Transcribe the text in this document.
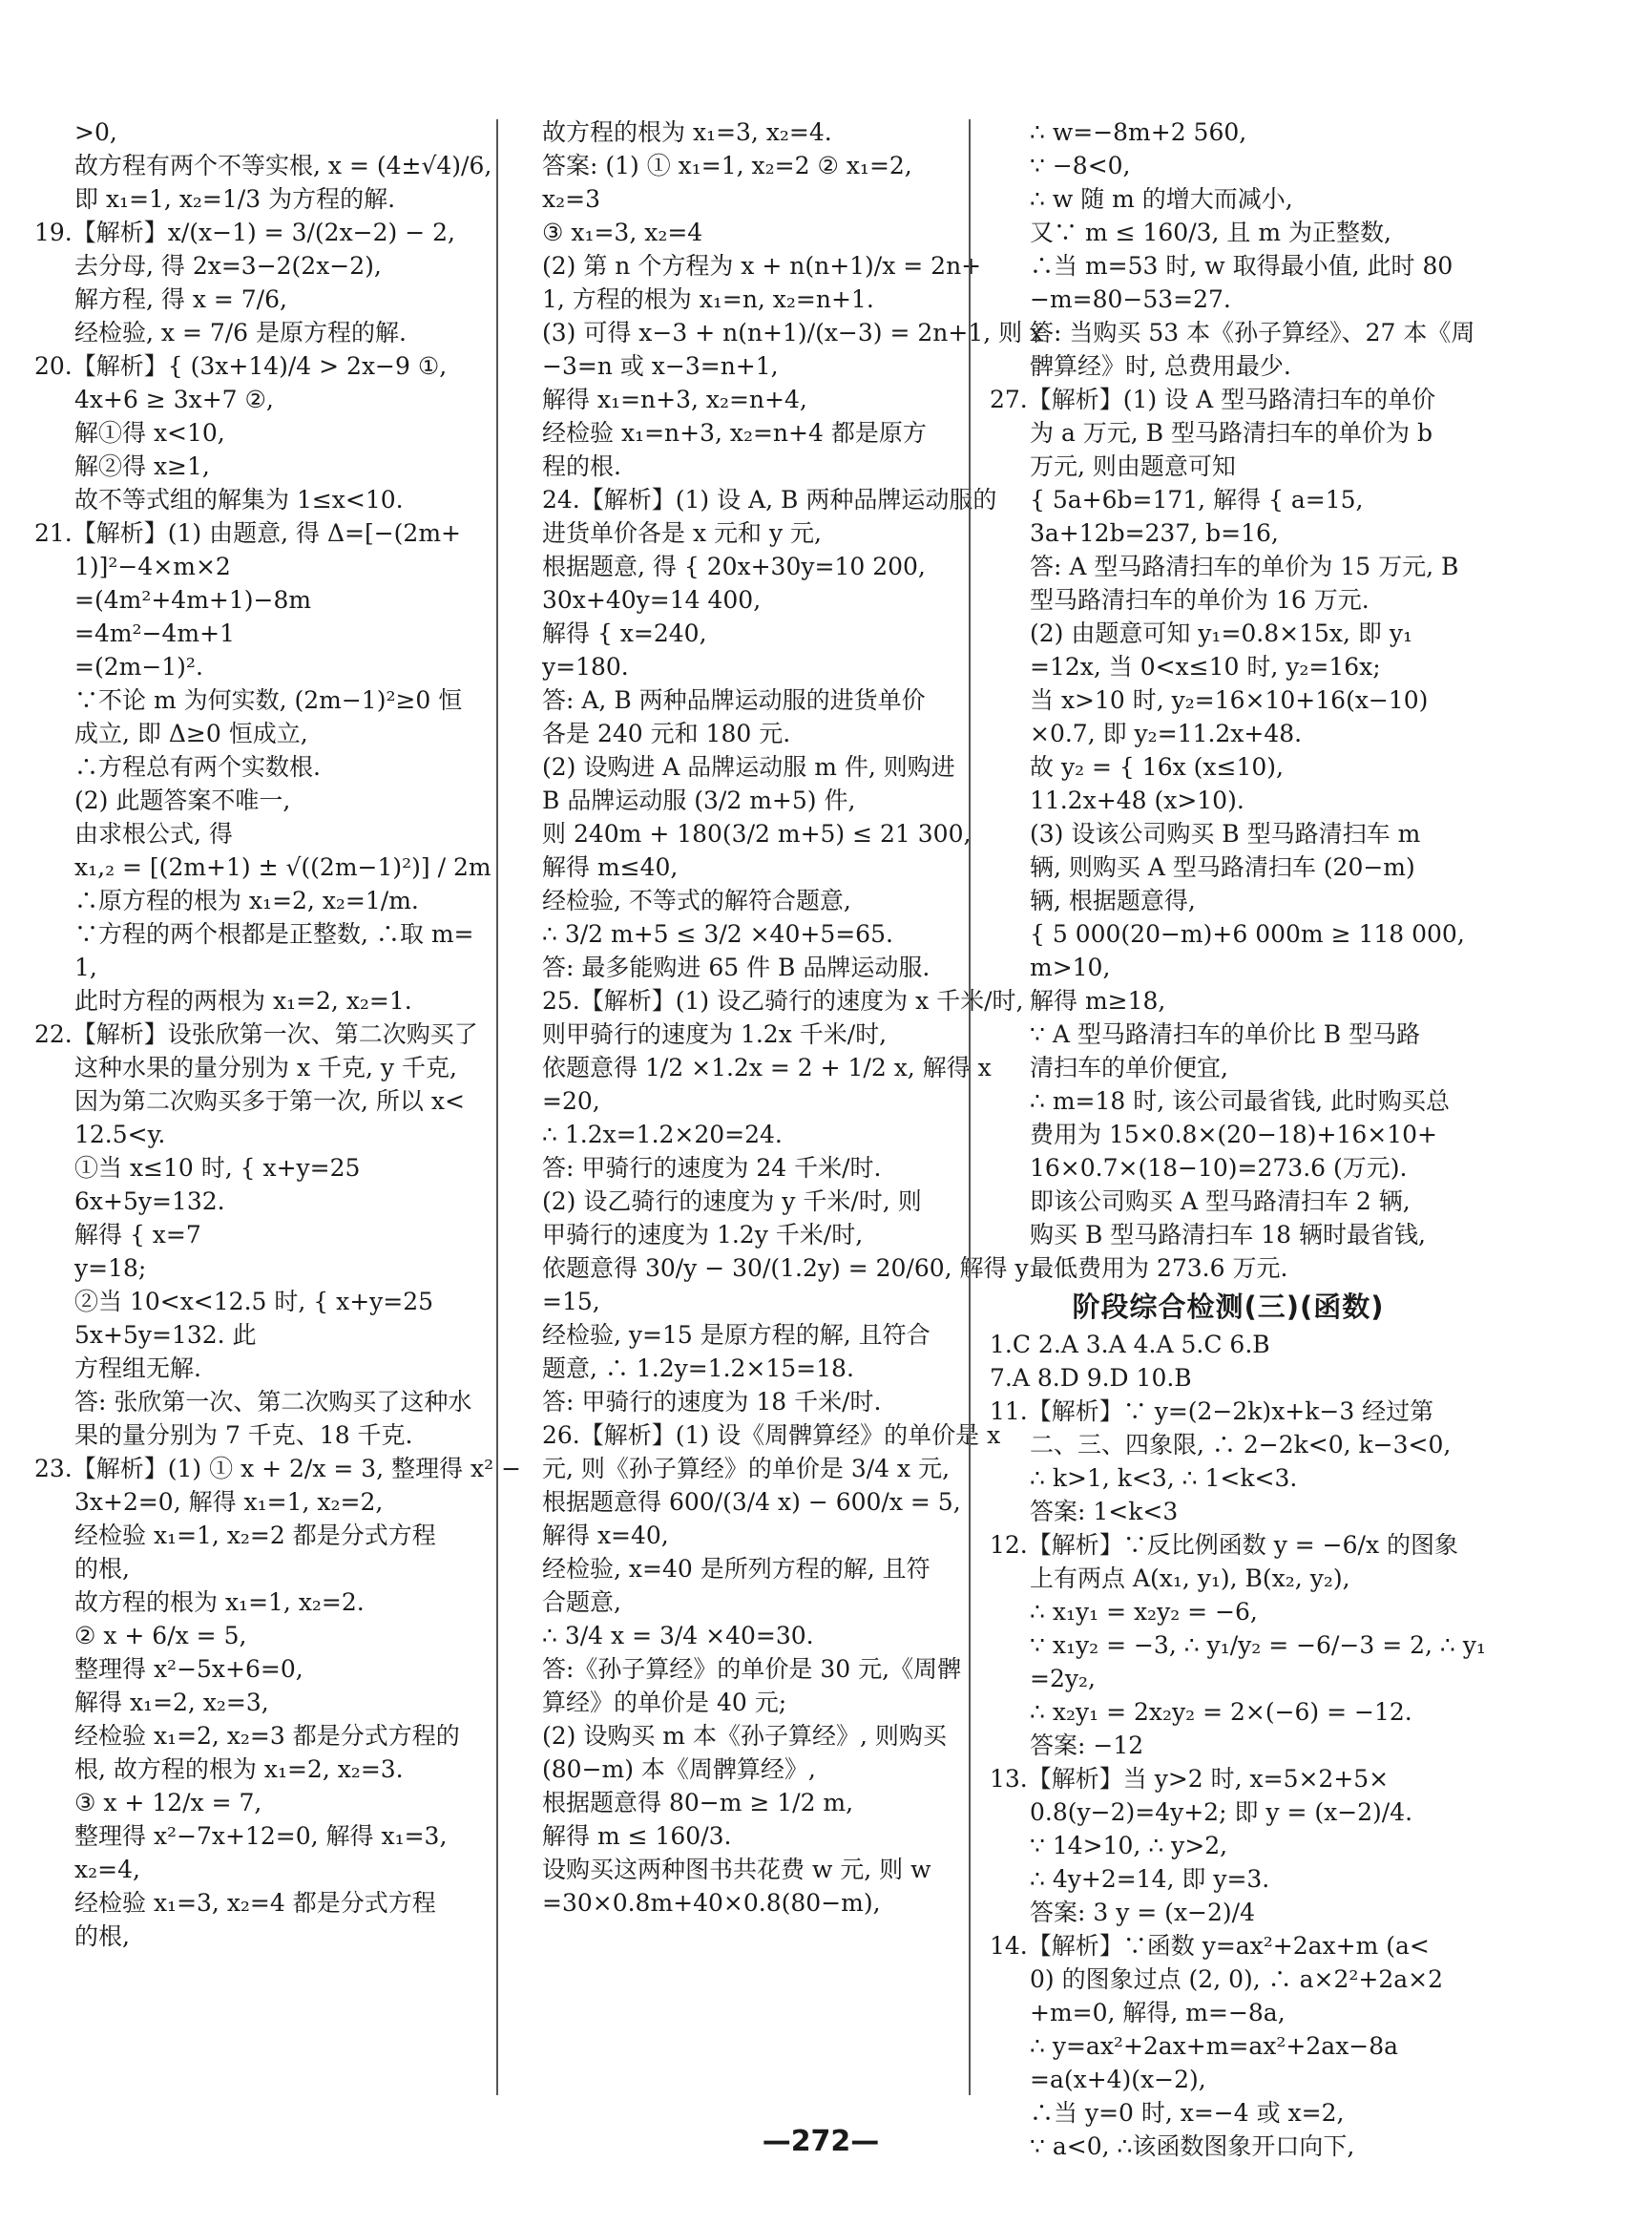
>0,
故方程有两个不等实根, x = (4±√4)/6,
即 x₁=1, x₂=1/3 为方程的解.
19.【解析】x/(x−1) = 3/(2x−2) − 2,
去分母, 得 2x=3−2(2x−2),
解方程, 得 x = 7/6,
经检验, x = 7/6 是原方程的解.
20.【解析】{ (3x+14)/4 > 2x−9 ①,
4x+6 ≥ 3x+7 ②,
解①得 x<10,
解②得 x≥1,
故不等式组的解集为 1≤x<10.
21.【解析】(1) 由题意, 得 Δ=[−(2m+
1)]²−4×m×2
=(4m²+4m+1)−8m
=4m²−4m+1
=(2m−1)².
∵不论 m 为何实数, (2m−1)²≥0 恒
成立, 即 Δ≥0 恒成立,
∴方程总有两个实数根.
(2) 此题答案不唯一,
由求根公式, 得
x₁,₂ = [(2m+1) ± √((2m−1)²)] / 2m
∴原方程的根为 x₁=2, x₂=1/m.
∵方程的两个根都是正整数, ∴取 m=
1,
此时方程的两根为 x₁=2, x₂=1.
22.【解析】设张欣第一次、第二次购买了
这种水果的量分别为 x 千克, y 千克,
因为第二次购买多于第一次, 所以 x<
12.5<y.
①当 x≤10 时, { x+y=25
6x+5y=132.
解得 { x=7
y=18;
②当 10<x<12.5 时, { x+y=25
5x+5y=132. 此
方程组无解.
答: 张欣第一次、第二次购买了这种水
果的量分别为 7 千克、18 千克.
23.【解析】(1) ① x + 2/x = 3, 整理得 x² −
3x+2=0, 解得 x₁=1, x₂=2,
经检验 x₁=1, x₂=2 都是分式方程
的根,
故方程的根为 x₁=1, x₂=2.
② x + 6/x = 5,
整理得 x²−5x+6=0,
解得 x₁=2, x₂=3,
经检验 x₁=2, x₂=3 都是分式方程的
根, 故方程的根为 x₁=2, x₂=3.
③ x + 12/x = 7,
整理得 x²−7x+12=0, 解得 x₁=3,
x₂=4,
经检验 x₁=3, x₂=4 都是分式方程
的根,
故方程的根为 x₁=3, x₂=4.
答案: (1) ① x₁=1, x₂=2 ② x₁=2,
x₂=3
③ x₁=3, x₂=4
(2) 第 n 个方程为 x + n(n+1)/x = 2n+
1, 方程的根为 x₁=n, x₂=n+1.
(3) 可得 x−3 + n(n+1)/(x−3) = 2n+1, 则 x
−3=n 或 x−3=n+1,
解得 x₁=n+3, x₂=n+4,
经检验 x₁=n+3, x₂=n+4 都是原方
程的根.
24.【解析】(1) 设 A, B 两种品牌运动服的
进货单价各是 x 元和 y 元,
根据题意, 得 { 20x+30y=10 200,
30x+40y=14 400,
解得 { x=240,
y=180.
答: A, B 两种品牌运动服的进货单价
各是 240 元和 180 元.
(2) 设购进 A 品牌运动服 m 件, 则购进
B 品牌运动服 (3/2 m+5) 件,
则 240m + 180(3/2 m+5) ≤ 21 300,
解得 m≤40,
经检验, 不等式的解符合题意,
∴ 3/2 m+5 ≤ 3/2 ×40+5=65.
答: 最多能购进 65 件 B 品牌运动服.
25.【解析】(1) 设乙骑行的速度为 x 千米/时,
则甲骑行的速度为 1.2x 千米/时,
依题意得 1/2 ×1.2x = 2 + 1/2 x, 解得 x
=20,
∴ 1.2x=1.2×20=24.
答: 甲骑行的速度为 24 千米/时.
(2) 设乙骑行的速度为 y 千米/时, 则
甲骑行的速度为 1.2y 千米/时,
依题意得 30/y − 30/(1.2y) = 20/60, 解得 y
=15,
经检验, y=15 是原方程的解, 且符合
题意, ∴ 1.2y=1.2×15=18.
答: 甲骑行的速度为 18 千米/时.
26.【解析】(1) 设《周髀算经》的单价是 x
元, 则《孙子算经》的单价是 3/4 x 元,
根据题意得 600/(3/4 x) − 600/x = 5,
解得 x=40,
经检验, x=40 是所列方程的解, 且符
合题意,
∴ 3/4 x = 3/4 ×40=30.
答:《孙子算经》的单价是 30 元,《周髀
算经》的单价是 40 元;
(2) 设购买 m 本《孙子算经》, 则购买
(80−m) 本《周髀算经》,
根据题意得 80−m ≥ 1/2 m,
解得 m ≤ 160/3.
设购买这两种图书共花费 w 元, 则 w
=30×0.8m+40×0.8(80−m),
∴ w=−8m+2 560,
∵ −8<0,
∴ w 随 m 的增大而减小,
又∵ m ≤ 160/3, 且 m 为正整数,
∴当 m=53 时, w 取得最小值, 此时 80
−m=80−53=27.
答: 当购买 53 本《孙子算经》、27 本《周
髀算经》时, 总费用最少.
27.【解析】(1) 设 A 型马路清扫车的单价
为 a 万元, B 型马路清扫车的单价为 b
万元, 则由题意可知
{ 5a+6b=171, 解得 { a=15,
3a+12b=237, b=16,
答: A 型马路清扫车的单价为 15 万元, B
型马路清扫车的单价为 16 万元.
(2) 由题意可知 y₁=0.8×15x, 即 y₁
=12x, 当 0<x≤10 时, y₂=16x;
当 x>10 时, y₂=16×10+16(x−10)
×0.7, 即 y₂=11.2x+48.
故 y₂ = { 16x (x≤10),
11.2x+48 (x>10).
(3) 设该公司购买 B 型马路清扫车 m
辆, 则购买 A 型马路清扫车 (20−m)
辆, 根据题意得,
{ 5 000(20−m)+6 000m ≥ 118 000,
m>10,
解得 m≥18,
∵ A 型马路清扫车的单价比 B 型马路
清扫车的单价便宜,
∴ m=18 时, 该公司最省钱, 此时购买总
费用为 15×0.8×(20−18)+16×10+
16×0.7×(18−10)=273.6 (万元).
即该公司购买 A 型马路清扫车 2 辆,
购买 B 型马路清扫车 18 辆时最省钱,
最低费用为 273.6 万元.
阶段综合检测(三)(函数)
1.C 2.A 3.A 4.A 5.C 6.B
7.A 8.D 9.D 10.B
11.【解析】∵ y=(2−2k)x+k−3 经过第
二、三、四象限, ∴ 2−2k<0, k−3<0,
∴ k>1, k<3, ∴ 1<k<3.
答案: 1<k<3
12.【解析】∵反比例函数 y = −6/x 的图象
上有两点 A(x₁, y₁), B(x₂, y₂),
∴ x₁y₁ = x₂y₂ = −6,
∵ x₁y₂ = −3, ∴ y₁/y₂ = −6/−3 = 2, ∴ y₁
=2y₂,
∴ x₂y₁ = 2x₂y₂ = 2×(−6) = −12.
答案: −12
13.【解析】当 y>2 时, x=5×2+5×
0.8(y−2)=4y+2; 即 y = (x−2)/4.
∵ 14>10, ∴ y>2,
∴ 4y+2=14, 即 y=3.
答案: 3 y = (x−2)/4
14.【解析】∵函数 y=ax²+2ax+m (a<
0) 的图象过点 (2, 0), ∴ a×2²+2a×2
+m=0, 解得, m=−8a,
∴ y=ax²+2ax+m=ax²+2ax−8a
=a(x+4)(x−2),
∴当 y=0 时, x=−4 或 x=2,
∵ a<0, ∴该函数图象开口向下,
—272—
